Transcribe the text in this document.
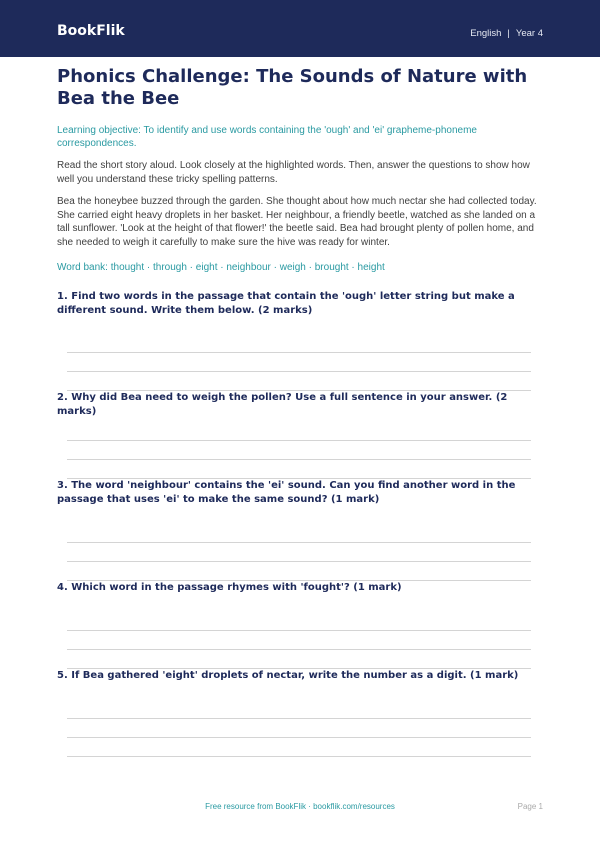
BookFlik	English | Year 4
Phonics Challenge: The Sounds of Nature with Bea the Bee

Learning objective: To identify and use words containing the 'ough' and 'ei' grapheme-phoneme correspondences.

Read the short story aloud. Look closely at the highlighted words. Then, answer the questions to show how well you understand these tricky spelling patterns.

Bea the honeybee buzzed through the garden. She thought about how much nectar she had collected today. She carried eight heavy droplets in her basket. Her neighbour, a friendly beetle, watched as she landed on a tall sunflower. 'Look at the height of that flower!' the beetle said. Bea had brought plenty of pollen home, and she needed to weigh it carefully to make sure the hive was ready for winter.

Word bank: thought · through · eight · neighbour · weigh · brought · height

1. Find two words in the passage that contain the 'ough' letter string but make a different sound. Write them below. (2 marks)
2. Why did Bea need to weigh the pollen? Use a full sentence in your answer. (2 marks)
3. The word 'neighbour' contains the 'ei' sound. Can you find another word in the passage that uses 'ei' to make the same sound? (1 mark)
4. Which word in the passage rhymes with 'fought'? (1 mark)
5. If Bea gathered 'eight' droplets of nectar, write the number as a digit. (1 mark)
Free resource from BookFlik · bookflik.com/resources	Page 1
